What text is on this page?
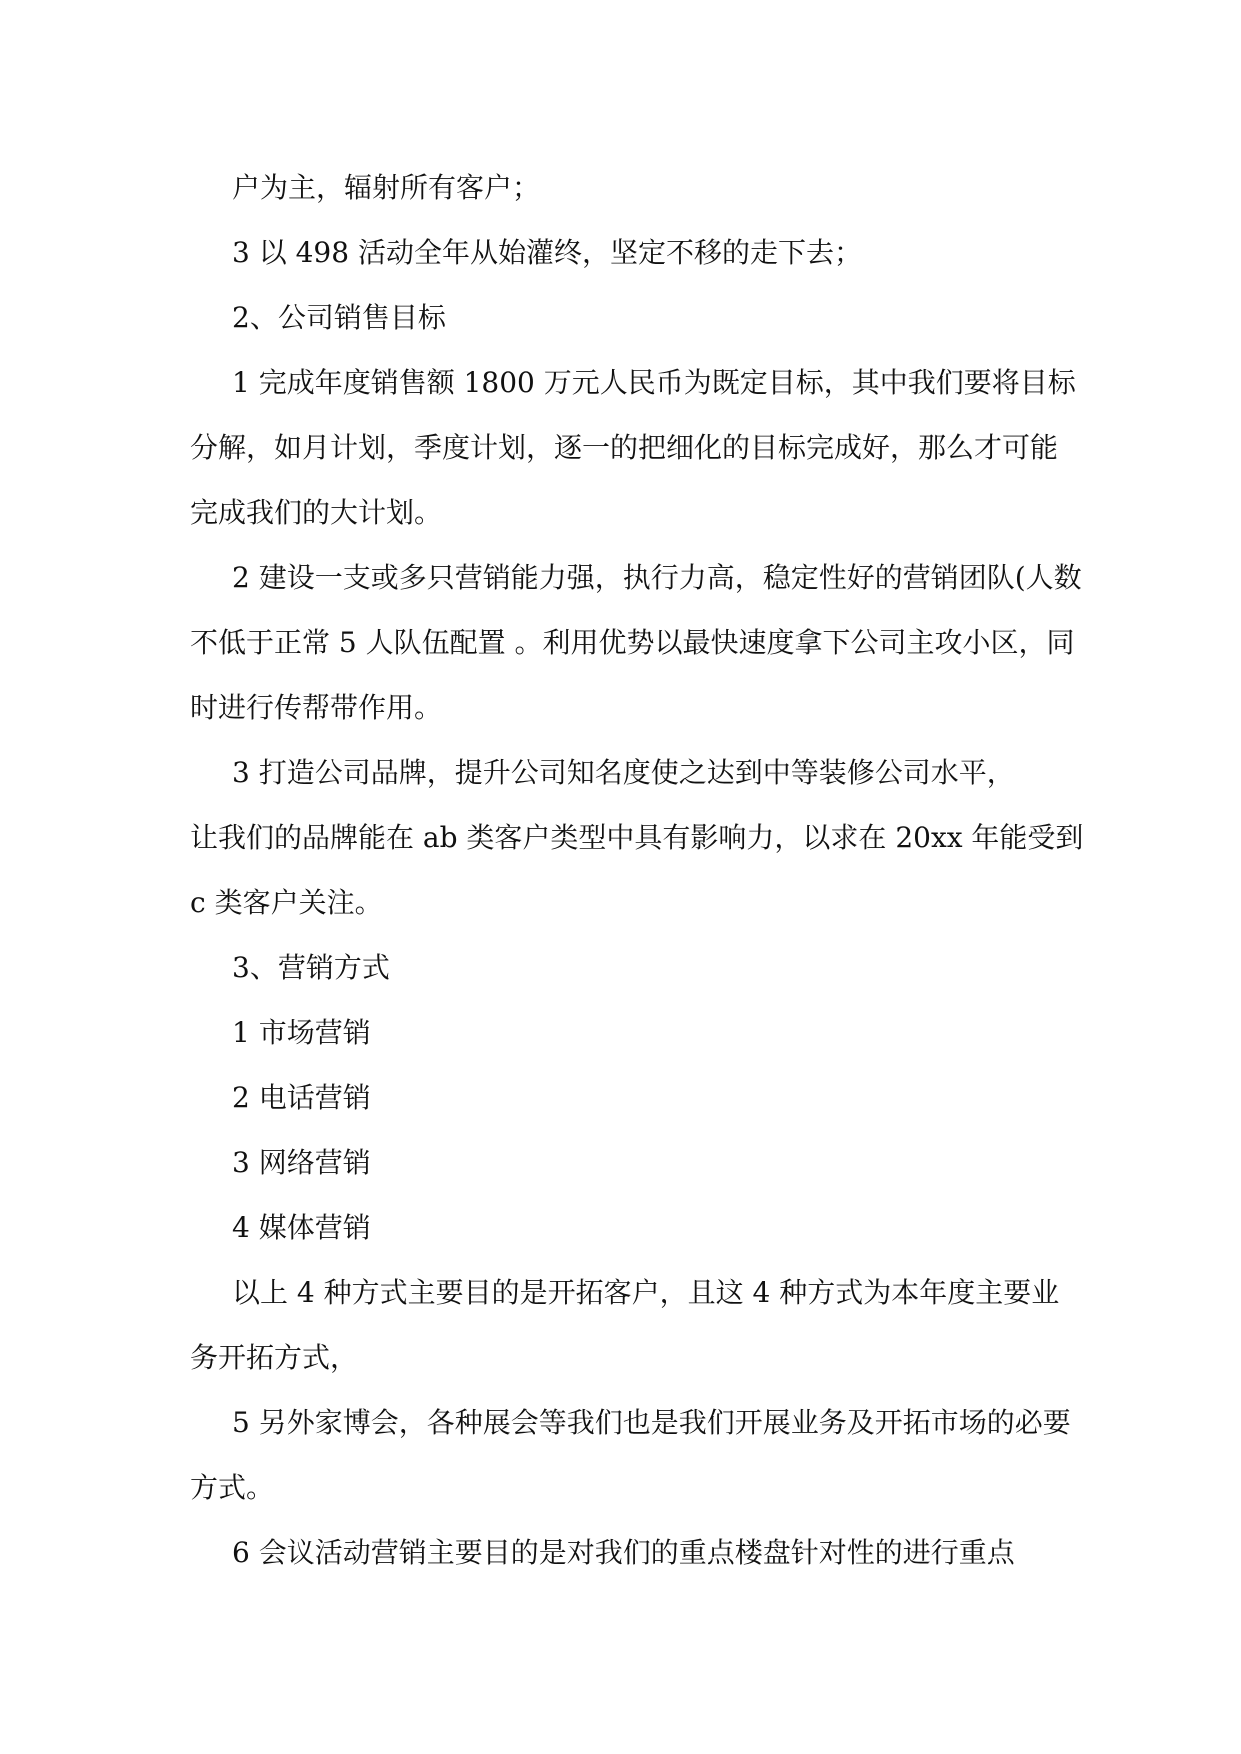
户为主，辐射所有客户；

3 以 498 活动全年从始灌终，坚定不移的走下去；

2、公司销售目标

1 完成年度销售额 1800 万元人民币为既定目标，其中我们要将目标分解，如月计划，季度计划，逐一的把细化的目标完成好，那么才可能完成我们的大计划。

2 建设一支或多只营销能力强，执行力高，稳定性好的营销团队(人数不低于正常 5 人队伍配置 。利用优势以最快速度拿下公司主攻小区，同时进行传帮带作用。

3 打造公司品牌，提升公司知名度使之达到中等装修公司水平，

让我们的品牌能在 ab 类客户类型中具有影响力，以求在 20xx 年能受到 c 类客户关注。

3、营销方式

1 市场营销

2 电话营销

3 网络营销

4 媒体营销

以上 4 种方式主要目的是开拓客户，且这 4 种方式为本年度主要业务开拓方式，

5 另外家博会，各种展会等我们也是我们开展业务及开拓市场的必要方式。

6 会议活动营销主要目的是对我们的重点楼盘针对性的进行重点
